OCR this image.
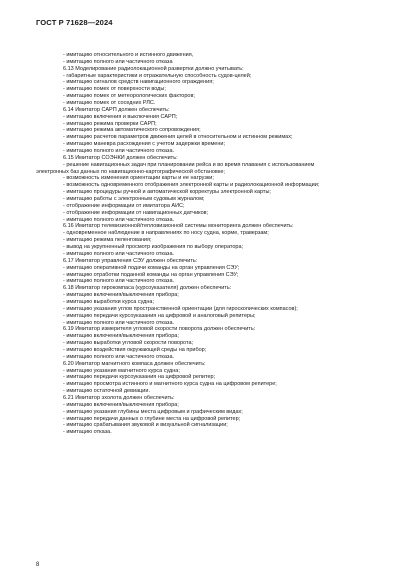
ГОСТ Р 71628—2024
- имитацию относительного и истинного движения,
- имитацию полного или частичного отказа
6.13 Моделирование радиолокационной развертки должно учитывать:
- габаритные характеристики и отражательную способность судов-целей;
- имитацию сигналов средств навигационного ограждения;
- имитацию помех от поверхности воды;
- имитацию помех от метеорологических факторов;
- имитацию помех от соседних РЛС.
6.14 Имитатор САРП должен обеспечить:
- имитацию включения и выключения САРП;
- имитацию режима проверки САРП;
- имитацию режима автоматического сопровождения;
- имитацию расчетов параметров движения целей в относительном и истинном режимах;
- имитацию маневра расхождения с учетом задержки времени;
- имитацию полного или частичного отказа.
6.15 Имитатор СОЭНКИ должен обеспечить:
- решение навигационных задач при планировании рейса и во время плавания с использованием
электронных баз данных по навигационно-картографической обстановке;
- возможность изменения ориентации карты и ее нагрузки;
- возможность одновременного отображения электронной карты и радиолокационной информации;
- имитацию процедуры ручной и автоматической корректуры электронной карты;
- имитацию работы с электронным судовым журналом;
- отображение информации от имитатора АИС;
- отображение информации от навигационных датчиков;
- имитацию полного или частичного отказа.
6.16 Имитатор телевизионной/тепловизионной системы мониторинга должен обеспечить:
- одновременное наблюдение в направлениях по носу судна, корме, траверзам;
- имитацию режима пеленгования;
- вывод на укрупненный просмотр изображения по выбору оператора;
- имитацию полного или частичного отказа.
6.17 Имитатор управления СЭУ должен обеспечить:
- имитацию оперативной подачи команды на орган управления СЭУ;
- имитацию отработки поданной команды на орган управления СЭУ;
- имитацию полного или частичного отказа.
6.18 Имитатор гирокомпаса (курсоуказателя) должен обеспечить:
- имитацию включения/выключения прибора;
- имитацию выработки курса судна;
- имитацию указания углов пространственной ориентации (для гироскопических компасов);
- имитацию передачи курсоуказания на цифровой и аналоговый репитеры;
- имитацию полного или частичного отказа.
6.19 Имитатор измерителя угловой скорости поворота должен обеспечить:
- имитацию включения/выключения прибора;
- имитацию выработки угловой скорости поворота;
- имитацию воздействия окружающей среды на прибор;
- имитацию полного или частичного отказа.
6.20 Имитатор магнитного компаса должен обеспечить:
- имитацию указания магнитного курса судна;
- имитацию передачи курсоуказания на цифровой репитер;
- имитацию просмотра истинного и магнитного курса судна на цифровом репитере;
- имитацию остаточной девиации.
6.21 Имитатор эхолота должен обеспечить:
- имитацию включения/выключения прибора;
- имитацию указания глубины места цифровым и графическим видах;
- имитацию передачи данных о глубине места на цифровой репитер;
- имитацию срабатывания звуковой и визуальной сигнализации;
- имитацию отказа.
8
